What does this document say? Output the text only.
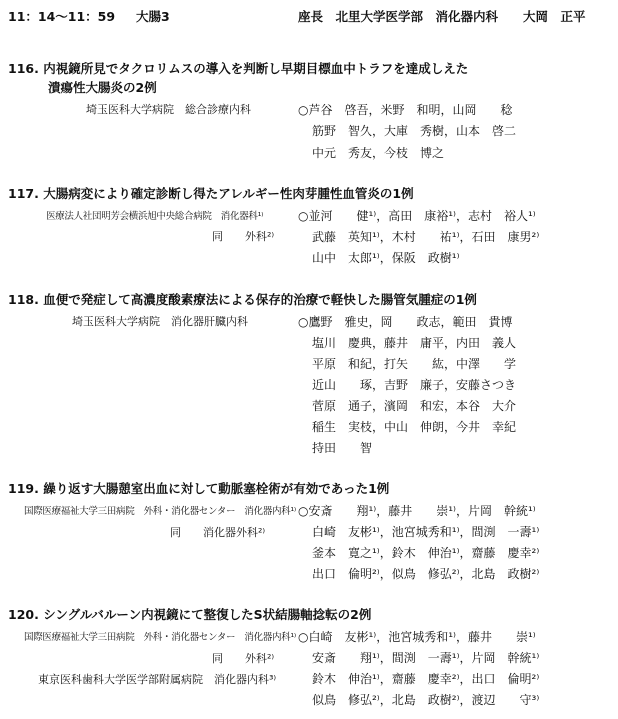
11：14～11：59 大腸3	座長　北里大学医学部　消化器内科　　大岡　正平
116. 内視鏡所見でタクロリムスの導入を判断し早期目標血中トラフを達成しえた
潰瘍性大腸炎の2例
埼玉医科大学病院　総合診療内科	○芦谷　啓吾，米野　和明，山岡　　稔
筋野　智久，大庫　秀樹，山本　啓二
中元　秀友，今枝　博之
117. 大腸病変により確定診断し得たアレルギー性肉芽腫性血管炎の1例
医療法人社団明芳会横浜旭中央総合病院　消化器科¹⁾
同　　外科²⁾
○並河　　健¹⁾，高田　康裕¹⁾，志村　裕人¹⁾
武藤　英知¹⁾，木村　　祐¹⁾，石田　康男²⁾
山中　太郎¹⁾，保阪　政樹¹⁾
118. 血便で発症して高濃度酸素療法による保存的治療で軽快した腸管気腫症の1例
埼玉医科大学病院　消化器肝臓内科	○鷹野　雅史，岡　　政志，範田　貴博
塩川　慶典，藤井　庸平，内田　義人
平原　和紀，打矢　　紘，中澤　　学
近山　　琢，吉野　廉子，安藤さつき
菅原　通子，濱岡　和宏，本谷　大介
稲生　実枝，中山　伸朗，今井　幸紀
持田　　智
119. 繰り返す大腸憩室出血に対して動脈塞栓術が有効であった1例
国際医療福祉大学三田病院　外科・消化器センター　消化器内科¹⁾
同　　消化器外科²⁾
○安斎　　翔¹⁾，藤井　　崇¹⁾，片岡　幹統¹⁾
白崎　友彬¹⁾，池宮城秀和¹⁾，間渕　一壽¹⁾
釜本　寛之¹⁾，鈴木　伸治¹⁾，齋藤　慶幸²⁾
出口　倫明²⁾，似鳥　修弘²⁾，北島　政樹²⁾
120. シングルバルーン内視鏡にて整復したS状結腸軸捻転の2例
国際医療福祉大学三田病院　外科・消化器センター　消化器内科¹⁾
同　　外科²⁾
東京医科歯科大学医学部附属病院　消化器内科³⁾
○白崎　友彬¹⁾，池宮城秀和¹⁾，藤井　　崇¹⁾
安斎　　翔¹⁾，間渕　一壽¹⁾，片岡　幹統¹⁾
鈴木　伸治¹⁾，齋藤　慶幸²⁾，出口　倫明²⁾
似鳥　修弘²⁾，北島　政樹²⁾，渡辺　　守³⁾
